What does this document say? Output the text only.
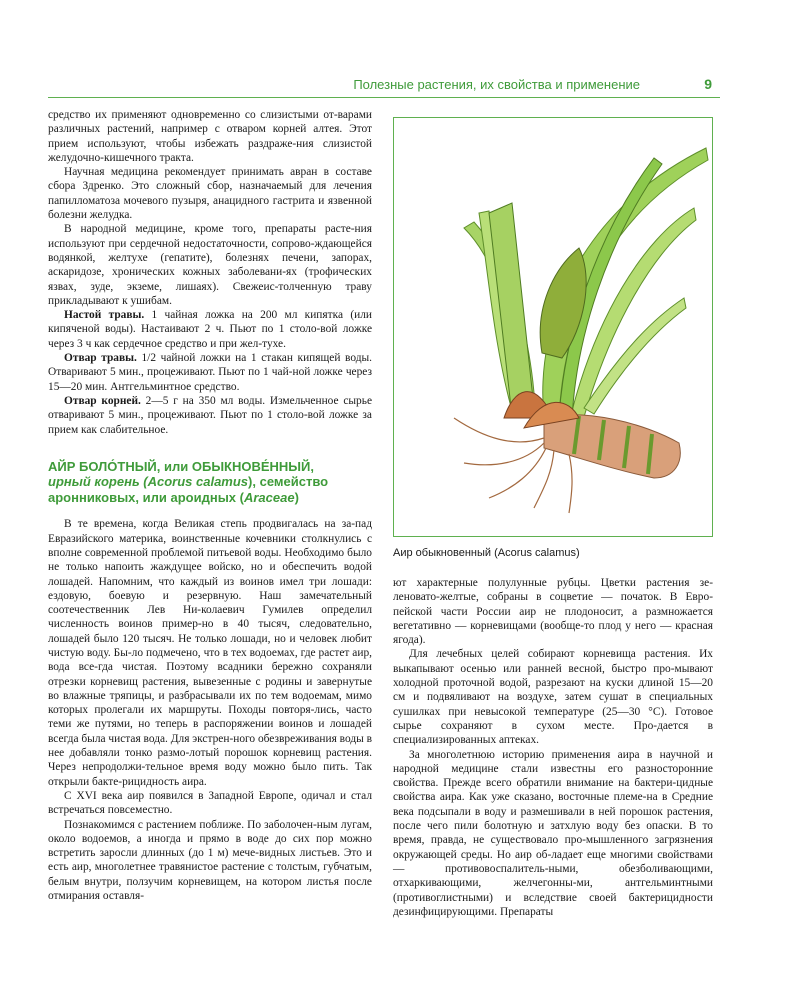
Полезные растения, их свойства и применение	9

средство их применяют одновременно со слизистыми от-варами различных растений, например с отваром корней алтея. Этот прием используют, чтобы избежать раздраже-ния слизистой желудочно-кишечного тракта.

Научная медицина рекомендует принимать авран в составе сбора Здренко. Это сложный сбор, назначаемый для лечения папилломатоза мочевого пузыря, анацидного гастрита и язвенной болезни желудка.

В народной медицине, кроме того, препараты расте-ния используют при сердечной недостаточности, сопрово-ждающейся водянкой, желтухе (гепатите), болезнях печени, запорах, аскаридозе, хронических кожных заболевани-ях (трофических язвах, зуде, экземе, лишаях). Свежеис-толченную траву прикладывают к ушибам.

Настой травы. 1 чайная ложка на 200 мл кипятка (или кипяченой воды). Настаивают 2 ч. Пьют по 1 столо-вой ложке через 3 ч как сердечное средство и при жел-тухе.

Отвар травы. 1/2 чайной ложки на 1 стакан кипящей воды. Отваривают 5 мин., процеживают. Пьют по 1 чай-ной ложке через 15—20 мин. Антгельминтное средство.

Отвар корней. 2—5 г на 350 мл воды. Измельченное сырье отваривают 5 мин., процеживают. Пьют по 1 столо-вой ложке за прием как слабительное.

АЙР БОЛО́ТНЫЙ, или ОБЫКНОВЕ́ННЫЙ,
ирный корень (Acorus calamus), семейство
аронниковых, или ароидных (Araceae)

В те времена, когда Великая степь продвигалась на за-пад Евразийского материка, воинственные кочевники столкнулись с вполне современной проблемой питьевой воды. Необходимо было не только напоить жаждущее войско, но и обеспечить водой лошадей. Напомним, что каждый из воинов имел три лошади: ездовую, боевую и резервную. Наш замечательный соотечественник Лев Ни-колаевич Гумилев определил численность воинов пример-но в 40 тысяч, следовательно, лошадей было 120 тысяч. Не только лошади, но и человек любит чистую воду. Бы-ло подмечено, что в тех водоемах, где растет аир, вода все-гда чистая. Поэтому всадники бережно сохраняли отрезки корневищ растения, вывезенные с родины и завернутые во влажные тряпицы, и разбрасывали их по тем водоемам, мимо которых пролегали их маршруты. Походы повторя-лись, часто теми же путями, но теперь в распоряжении воинов и лошадей всегда была чистая вода. Для экстрен-ного обезвреживания воды в нее добавляли тонко размо-лотый порошок корневищ растения. Через непродолжи-тельное время воду можно было пить. Так открыли бакте-рицидность аира.

С XVI века аир появился в Западной Европе, одичал и стал встречаться повсеместно.

Познакомимся с растением поближе. По заболочен-ным лугам, около водоемов, а иногда и прямо в воде до сих пор можно встретить заросли длинных (до 1 м) мече-видных листьев. Это и есть аир, многолетнее травянистое растение с толстым, губчатым, белым внутри, ползучим корневищем, на котором листья после отмирания оставля-

Аир обыкновенный (Acorus calamus)

ют характерные полулунные рубцы. Цветки растения зе-леновато-желтые, собраны в соцветие — початок. В Евро-пейской части России аир не плодоносит, а размножается вегетативно — корневищами (вообще-то плод у него — красная ягода).

Для лечебных целей собирают корневища растения. Их выкапывают осенью или ранней весной, быстро про-мывают холодной проточной водой, разрезают на куски длиной 15—20 см и подвяливают на воздухе, затем сушат в специальных сушилках при невысокой температуре (25—30 °С). Готовое сырье сохраняют в сухом месте. Про-дается в специализированных аптеках.

За многолетнюю историю применения аира в научной и народной медицине стали известны его разносторонние свойства. Прежде всего обратили внимание на бактери-цидные свойства аира. Как уже сказано, восточные племе-на в Средние века подсыпали в воду и размешивали в ней порошок растения, после чего пили болотную и затхлую воду без опаски. В то время, правда, не существовало про-мышленного загрязнения окружающей среды. Но аир об-ладает еще многими свойствами — противовоспалитель-ными, обезболивающими, отхаркивающими, желчегонны-ми, антгельминтными (противоглистными) и вследствие своей бактерицидности дезинфицирующими. Препараты
